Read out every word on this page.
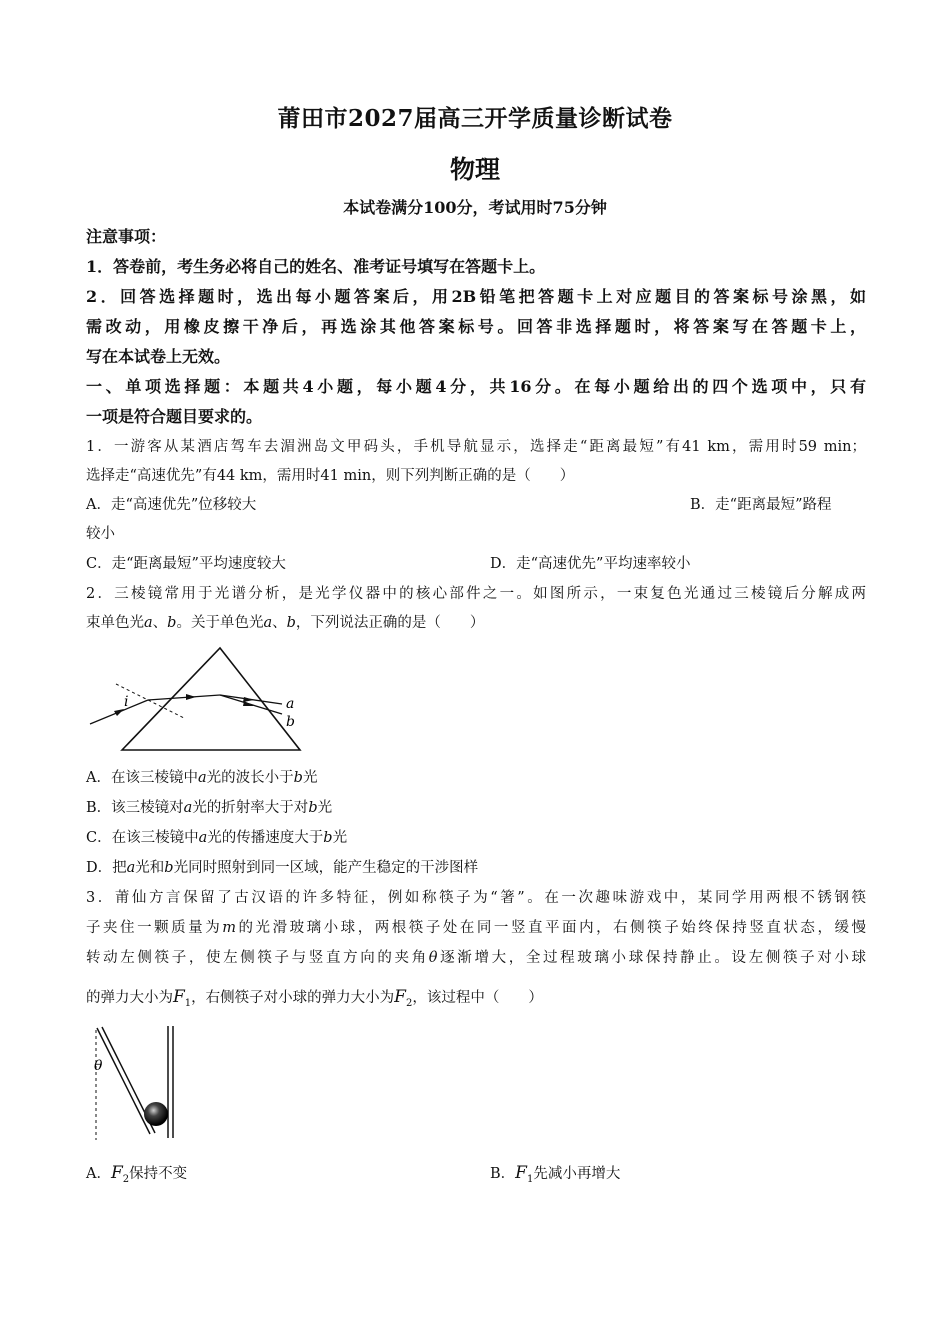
莆田市2027届高三开学质量诊断试卷
物理
本试卷满分100分，考试用时75分钟
注意事项：
1．答卷前，考生务必将自己的姓名、准考证号填写在答题卡上。
2．回答选择题时，选出每小题答案后，用2B铅笔把答题卡上对应题目的答案标号涂黑，如
需改动，用橡皮擦干净后，再选涂其他答案标号。回答非选择题时，将答案写在答题卡上，
写在本试卷上无效。
一、单项选择题：本题共4小题，每小题4分，共16分。在每小题给出的四个选项中，只有
一项是符合题目要求的。
1．一游客从某酒店驾车去湄洲岛文甲码头，手机导航显示，选择走“距离最短”有41 km，需用时59 min；
选择走“高速优先”有44 km，需用时41 min，则下列判断正确的是（　　）
A．走“高速优先”位移较大	B．走“距离最短”路程
较小
C．走“距离最短”平均速度较大	D．走“高速优先”平均速率较小
2．三棱镜常用于光谱分析，是光学仪器中的核心部件之一。如图所示，一束复色光通过三棱镜后分解成两
束单色光a、b。关于单色光a、b，下列说法正确的是（　　）
i	a
b
A．在该三棱镜中a光的波长小于b光
B．该三棱镜对a光的折射率大于对b光
C．在该三棱镜中a光的传播速度大于b光
D．把a光和b光同时照射到同一区域，能产生稳定的干涉图样
3．莆仙方言保留了古汉语的许多特征，例如称筷子为“箸”。在一次趣味游戏中，某同学用两根不锈钢筷
子夹住一颗质量为m的光滑玻璃小球，两根筷子处在同一竖直平面内，右侧筷子始终保持竖直状态，缓慢
转动左侧筷子，使左侧筷子与竖直方向的夹角θ逐渐增大，全过程玻璃小球保持静止。设左侧筷子对小球
的弹力大小为$F_1$，右侧筷子对小球的弹力大小为$F_2$，该过程中（　　）
θ
A．$F_2$保持不变	B．$F_1$先减小再增大
